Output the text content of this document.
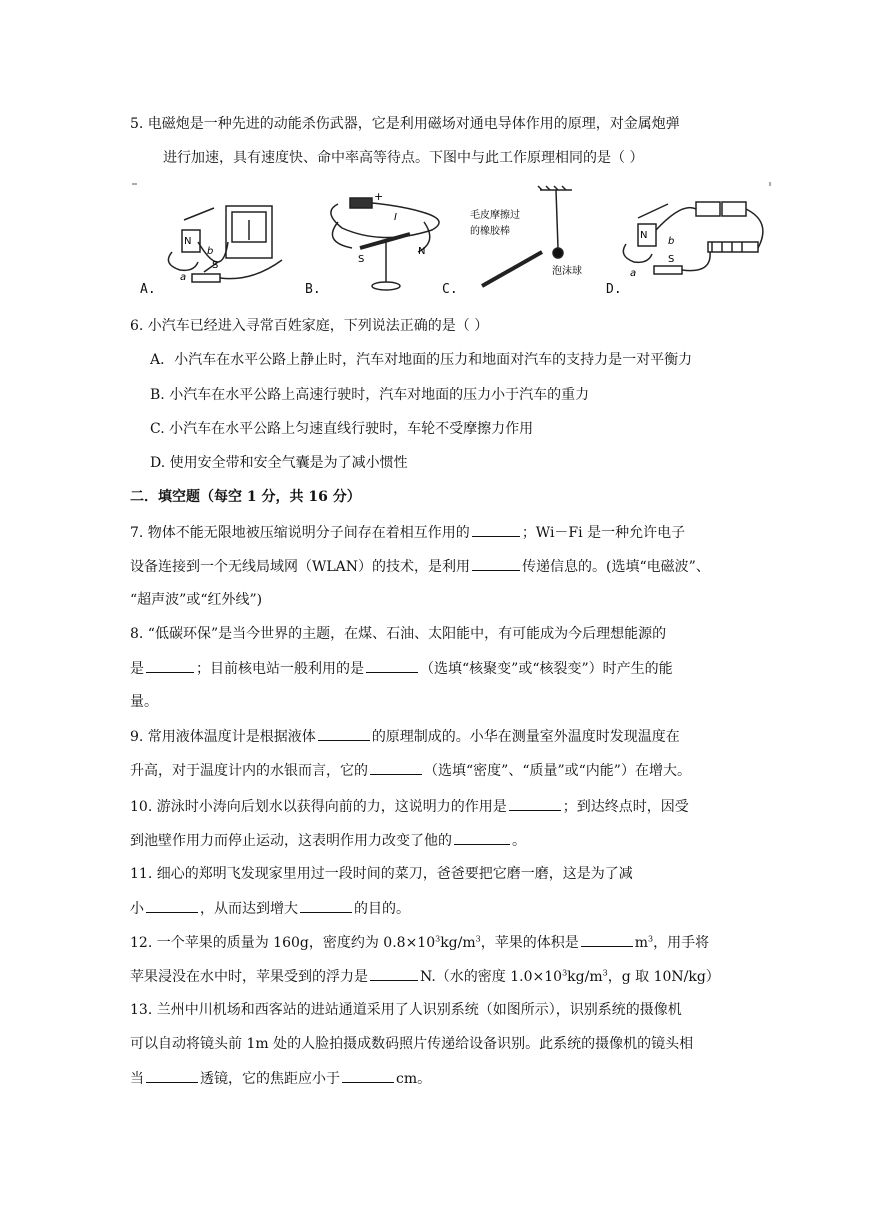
5. 电磁炮是一种先进的动能杀伤武器，它是利用磁场对通电导体作用的原理，对金属炮弹
进行加速，具有速度快、命中率高等待点。下图中与此工作原理相同的是（ ）
N
b
a
S
+
I
S
N
毛皮摩擦过
的橡胶棒
泡沫球
N
b
a
S
A.	B.	C.	D.
6. 小汽车已经进入寻常百姓家庭，下列说法正确的是（ ）
A．小汽车在水平公路上静止时，汽车对地面的压力和地面对汽车的支持力是一对平衡力
B. 小汽车在水平公路上高速行驶时，汽车对地面的压力小于汽车的重力
C. 小汽车在水平公路上匀速直线行驶时，车轮不受摩擦力作用
D. 使用安全带和安全气囊是为了减小惯性
二．填空题（每空 1 分，共 16 分）
7. 物体不能无限地被压缩说明分子间存在着相互作用的	；Wi－Fi 是一种允许电子
设备连接到一个无线局域网（WLAN）的技术，是利用	传递信息的。(选填“电磁波”、
“超声波”或“红外线”)
8. “低碳环保”是当今世界的主题，在煤、石油、太阳能中，有可能成为今后理想能源的
是	；目前核电站一般利用的是	（选填“核聚变”或“核裂变”）时产生的能
量。
9. 常用液体温度计是根据液体	的原理制成的。小华在测量室外温度时发现温度在
升高，对于温度计内的水银而言，它的	（选填“密度”、“质量”或“内能”）在增大。
10. 游泳时小涛向后划水以获得向前的力，这说明力的作用是	；到达终点时，因受
到池壁作用力而停止运动，这表明作用力改变了他的	。
11. 细心的郑明飞发现家里用过一段时间的菜刀，爸爸要把它磨一磨，这是为了减
小	，从而达到增大	的目的。
12. 一个苹果的质量为 160g，密度约为 $0.8\times 10^3kg/m^3$，苹果的体积是	$m^3$，用手将
苹果浸没在水中时，苹果受到的浮力是	N.（水的密度 $1.0\times 10^3kg/m^3$，g 取 10N/kg）
13. 兰州中川机场和西客站的进站通道采用了人识别系统（如图所示），识别系统的摄像机
可以自动将镜头前 1m 处的人脸拍摄成数码照片传递给设备识别。此系统的摄像机的镜头相
当	透镜，它的焦距应小于	cm。
